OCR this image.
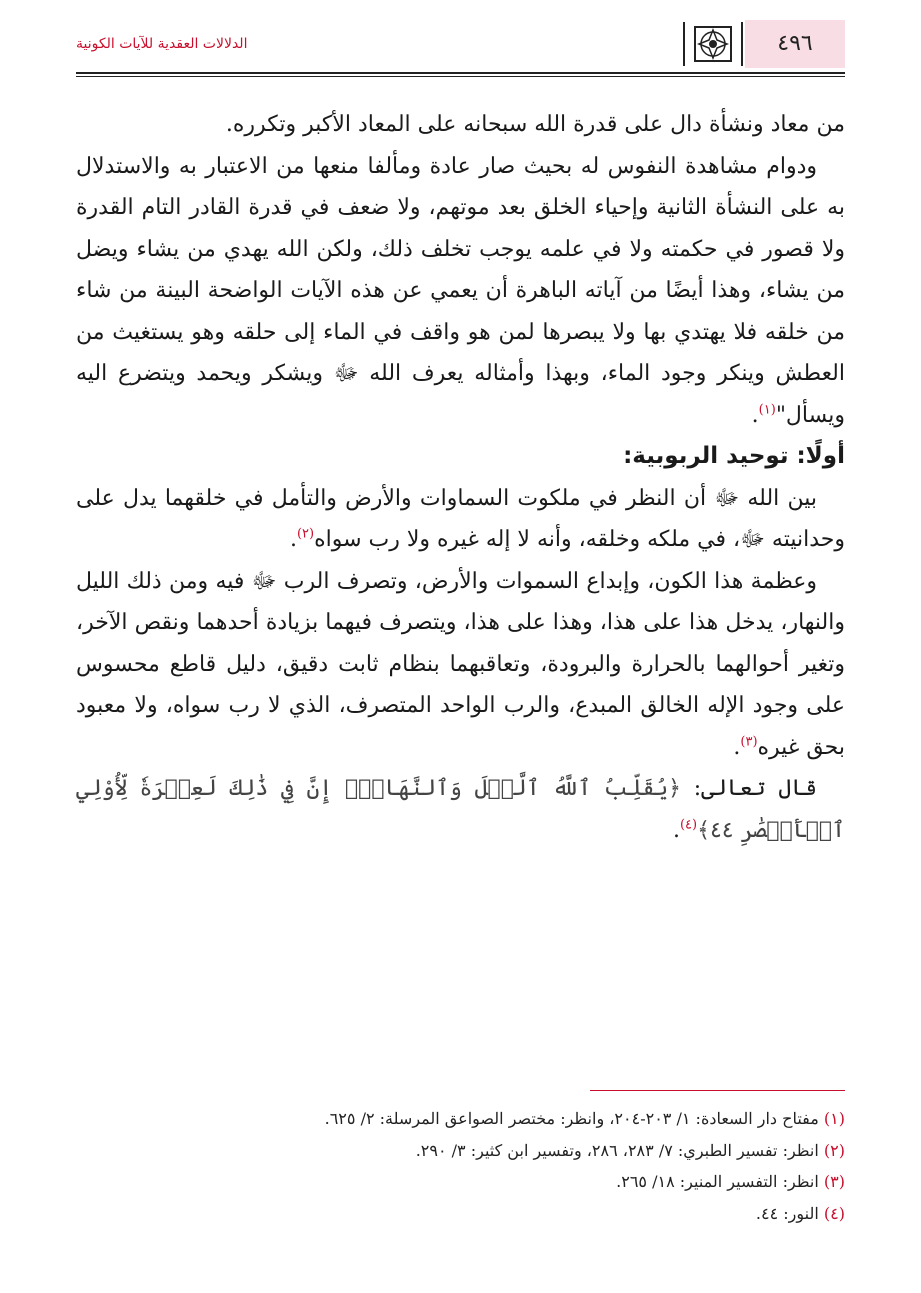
٤٩٦
الدلالات العقدية للآيات الكونية

من معاد ونشأة دال على قدرة الله سبحانه على المعاد الأكبر وتكرره.

ودوام مشاهدة النفوس له بحيث صار عادة ومألفا منعها من الاعتبار به والاستدلال به على النشأة الثانية وإحياء الخلق بعد موتهم، ولا ضعف في قدرة القادر التام القدرة ولا قصور في حكمته ولا في علمه يوجب تخلف ذلك، ولكن الله يهدي من يشاء ويضل من يشاء، وهذا أيضًا من آياته الباهرة أن يعمي عن هذه الآيات الواضحة البينة من شاء من خلقه فلا يهتدي بها ولا يبصرها لمن هو واقف في الماء إلى حلقه وهو يستغيث من العطش وينكر وجود الماء، وبهذا وأمثاله يعرف الله ﷻ ويشكر ويحمد ويتضرع اليه ويسأل"$^{(١)}$.

أولًا: توحيد الربوبية:

بين الله ﷻ أن النظر في ملكوت السماوات والأرض والتأمل في خلقهما يدل على وحدانيته ﷻ، في ملكه وخلقه، وأنه لا إله غيره ولا رب سواه$^{(٢)}$.

وعظمة هذا الكون، وإبداع السموات والأرض، وتصرف الرب ﷻ فيه ومن ذلك الليل والنهار، يدخل هذا على هذا، وهذا على هذا، ويتصرف فيهما بزيادة أحدهما ونقص الآخر، وتغير أحوالهما بالحرارة والبرودة، وتعاقبهما بنظام ثابت دقيق، دليل قاطع محسوس على وجود الإله الخالق المبدع، والرب الواحد المتصرف، الذي لا رب سواه، ولا معبود بحق غيره$^{(٣)}$.

قال تعالى: ﴿يُقَلِّبُ ٱللَّهُ ٱلَّيۡلَ وَٱلنَّهَارَۚ إِنَّ فِي ذَٰلِكَ لَعِبۡرَةٗ لِّأُوْلِي ٱلۡأَبۡصَٰرِ ٤٤﴾$^{(٤)}$.

(١) مفتاح دار السعادة: ١/ ٢٠٣-٢٠٤، وانظر: مختصر الصواعق المرسلة: ٢/ ٦٢٥.

(٢) انظر: تفسير الطبري: ٧/ ٢٨٣، ٢٨٦، وتفسير ابن كثير: ٣/ ٢٩٠.

(٣) انظر: التفسير المنير: ١٨/ ٢٦٥.

(٤) النور: ٤٤.
